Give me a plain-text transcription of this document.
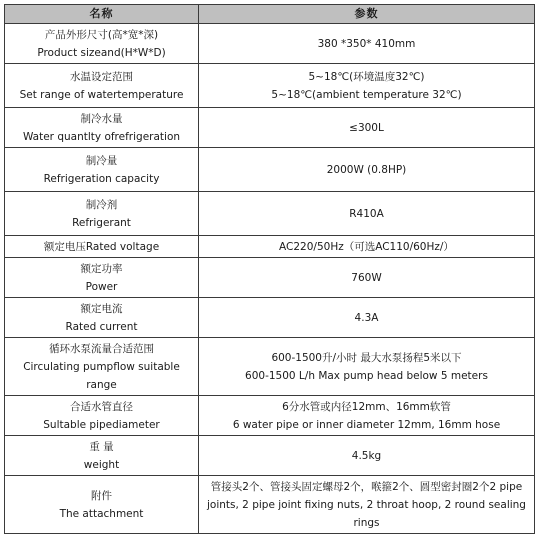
名称	参数

产品外形尺寸(高*宽*深)
Product sizeand(H*W*D)	380 *350* 410mm

水温设定范围
Set range of watertemperature	5~18℃(环境温度32℃)
5~18℃(ambient temperature 32℃)

制冷水量
Water quantlty ofrefrigeration	≤300L

制冷量
Refrigeration capacity	2000W (0.8HP)

制冷剂
Refrigerant	R410A

额定电压Rated voltage	AC220/50Hz（可选AC110/60Hz/）

额定功率
Power	760W

额定电流
Rated current	4.3A

循环水泵流量合适范围
Circulating pumpflow suitable
range	600-1500升/小时 最大水泵扬程5米以下
600-1500 L/h Max pump head below 5 meters

合适水管直径
Sultable pipediameter	6分水管或内径12mm、16mm软管
6 water pipe or inner diameter 12mm, 16mm hose

重 量
weight	4.5kg

附件
The attachment	管接头2个、管接头固定螺母2个，喉箍2个、圆型密封圈2个2 pipe joints, 2 pipe joint fixing nuts, 2 throat hoop, 2 round sealing rings
